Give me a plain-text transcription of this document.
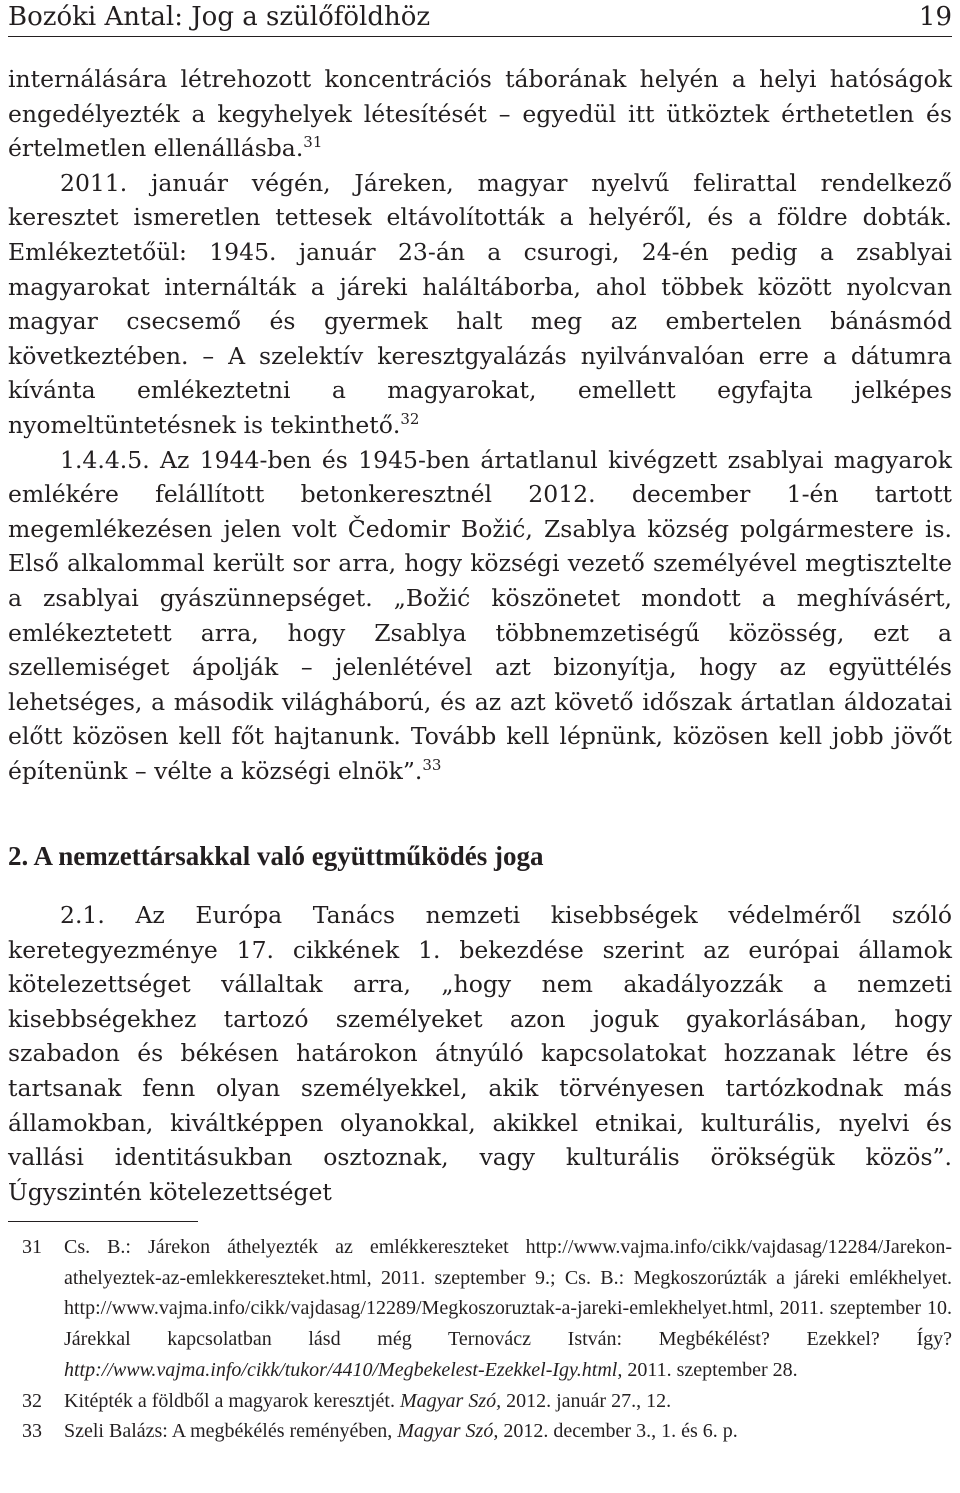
Bozóki Antal: Jog a szülőföldhöz	19

internálására létrehozott koncentrációs táborának helyén a helyi hatóságok engedélyezték a kegyhelyek létesítését – egyedül itt ütköztek érthetetlen és értelmetlen ellenállásba.$^{31}$

2011. január végén, Járeken, magyar nyelvű felirattal rendelkező keresztet ismeretlen tettesek eltávolították a helyéről, és a földre dobták. Emlékeztetőül: 1945. január 23-án a csurogi, 24-én pedig a zsablyai magyarokat internálták a járeki haláltáborba, ahol többek között nyolcvan magyar csecsemő és gyermek halt meg az embertelen bánásmód következtében. – A szelektív keresztgyalázás nyilvánvalóan erre a dátumra kívánta emlékeztetni a magyarokat, emellett egyfajta jelképes nyomeltüntetésnek is tekinthető.$^{32}$

1.4.4.5. Az 1944-ben és 1945-ben ártatlanul kivégzett zsablyai magyarok emlékére felállított betonkeresztnél 2012. december 1-én tartott megemlékezésen jelen volt Čedomir Božić, Zsablya község polgármestere is. Első alkalommal került sor arra, hogy községi vezető személyével megtisztelte a zsablyai gyászünnepséget. „Božić köszönetet mondott a meghívásért, emlékeztetett arra, hogy Zsablya többnemzetiségű közösség, ezt a szellemiséget ápolják – jelenlétével azt bizonyítja, hogy az együttélés lehetséges, a második világháború, és az azt követő időszak ártatlan áldozatai előtt közösen kell főt hajtanunk. Tovább kell lépnünk, közösen kell jobb jövőt építenünk – vélte a községi elnök”.$^{33}$

2. A nemzettársakkal való együttműködés joga

2.1. Az Európa Tanács nemzeti kisebbségek védelméről szóló keretegyezménye 17. cikkének 1. bekezdése szerint az európai államok kötelezettséget vállaltak arra, „hogy nem akadályozzák a nemzeti kisebbségekhez tartozó személyeket azon joguk gyakorlásában, hogy szabadon és békésen határokon átnyúló kapcsolatokat hozzanak létre és tartsanak fenn olyan személyekkel, akik törvényesen tartózkodnak más államokban, kiváltképpen olyanokkal, akikkel etnikai, kulturális, nyelvi és vallási identitásukban osztoznak, vagy kulturális örökségük közös”. Úgyszintén kötelezettséget

31 Cs. B.: Járekon áthelyezték az emlékkereszteket http://www.vajma.info/cikk/vajdasag/12284/Jarekon-athelyeztek-az-emlekkereszteket.html, 2011. szeptember 9.; Cs. B.: Megkoszorúzták a járeki emlékhelyet. http://www.vajma.info/cikk/vajdasag/12289/Megkoszoruztak-a-jareki-emlekhelyet.html, 2011. szeptember 10. Járekkal kapcsolatban lásd még Ternovácz István: Megbékélést? Ezekkel? Így? http://www.vajma.info/cikk/tukor/4410/Megbekelest-Ezekkel-Igy.html, 2011. szeptember 28.
32 Kitépték a földből a magyarok keresztjét. Magyar Szó, 2012. január 27., 12.
33 Szeli Balázs: A megbékélés reményében, Magyar Szó, 2012. december 3., 1. és 6. p.
